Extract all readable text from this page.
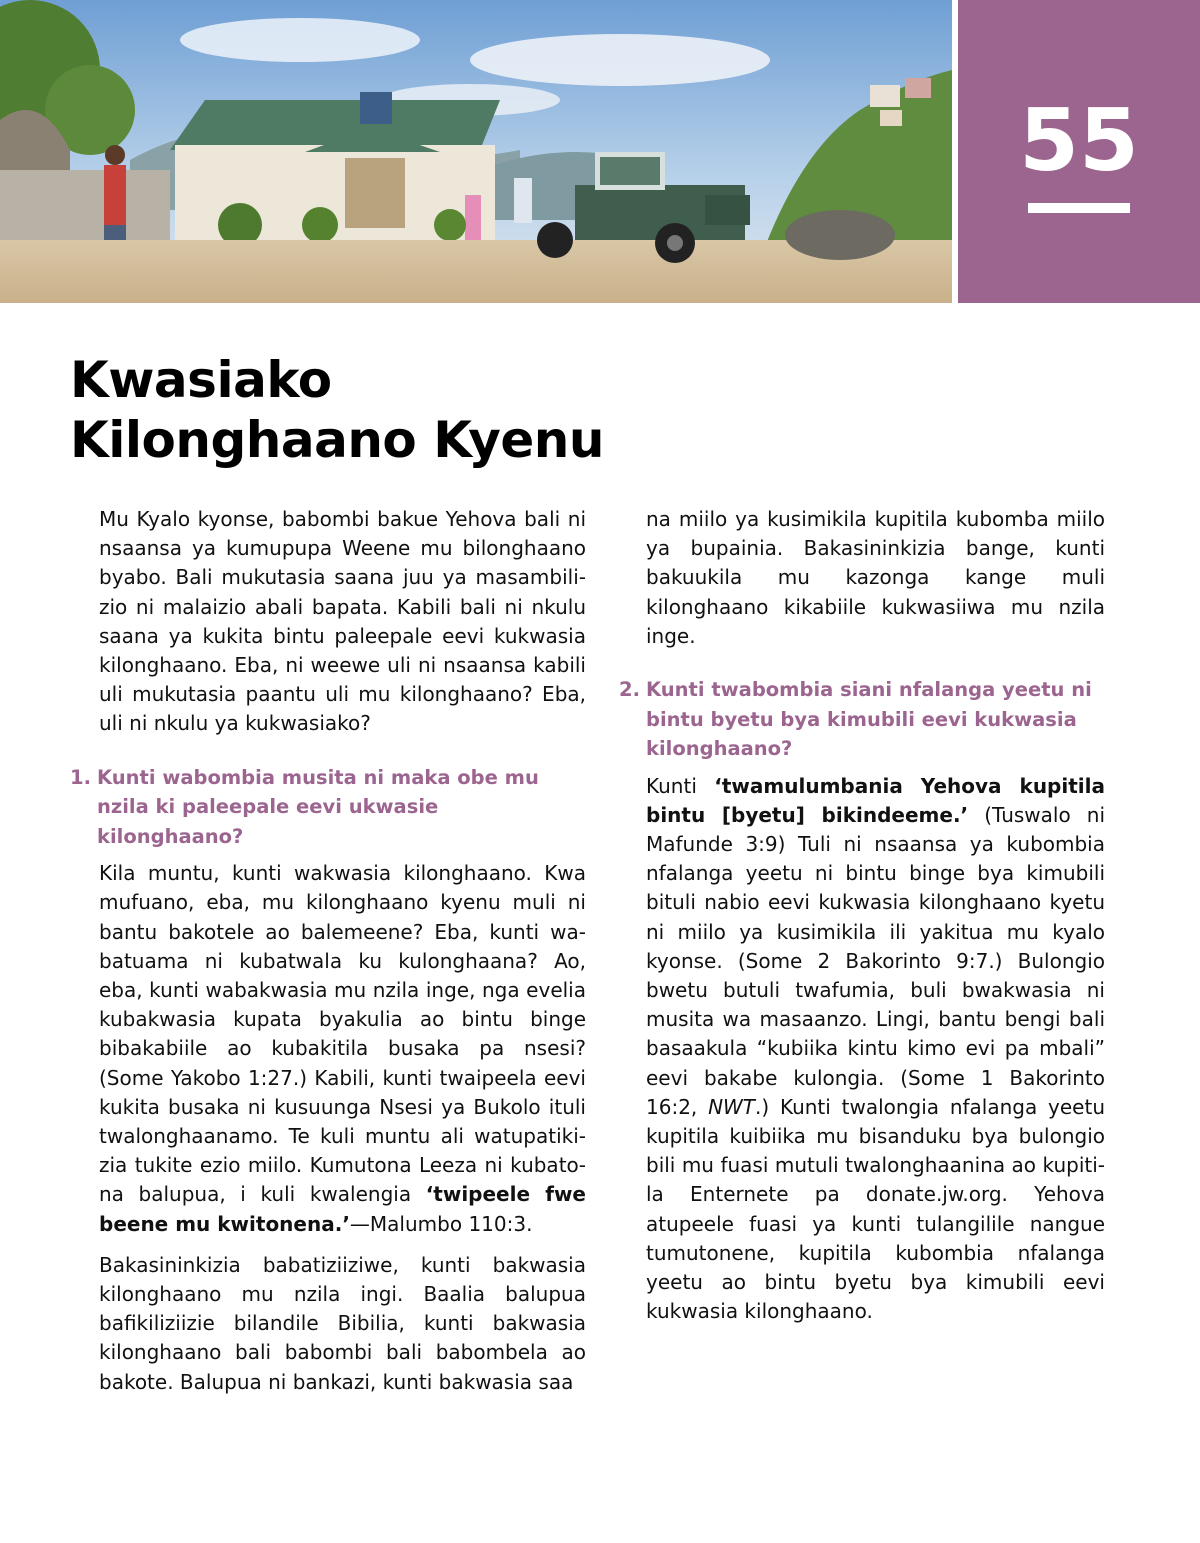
55
Kwasiako
Kilonghaano Kyenu

Mu Kyalo kyonse, babombi bakue Yehova bali ni nsaansa ya kumupupa Weene mu bilonghaano byabo. Bali mukutasia saana juu ya masambilizio ni malaizio abali bapata. Kabili bali ni nkulu saana ya kukita bintu paleepale eevi kukwasia kilonghaano. Eba, ni weewe uli ni nsaansa kabili uli mukutasia paantu uli mu kilonghaano? Eba, uli ni nkulu ya kukwasiako?

1. Kunti wabombia musita ni maka obe mu nzila ki paleepale eevi ukwasie kilonghaano?

Kila muntu, kunti wakwasia kilonghaano. Kwa mufuano, eba, mu kilonghaano kyenu muli ni bantu bakotele ao balemeene? Eba, kunti wabatuama ni kubatwala ku kulonghaana? Ao, eba, kunti wabakwasia mu nzila inge, nga evelia kubakwasia kupata byakulia ao bintu binge bibakabiile ao kubakitila busaka pa nsesi? (Some Yakobo 1:27.) Kabili, kunti twaipeela eevi kukita busaka ni kusuunga Nsesi ya Bukolo ituli twalonghaanamo. Te kuli muntu ali watupatikizia tukite ezio miilo. Kumutona Leeza ni kubatona balupua, i kuli kwalengia ‘twipeele fwe beene mu kwitonena.’—Malumbo 110:3.

Bakasininkizia babatiziiziwe, kunti bakwasia kilonghaano mu nzila ingi. Baalia balupua bafikiliziizie bilandile Bibilia, kunti bakwasia kilonghaano bali babombi bali babombela ao bakote. Balupua ni bankazi, kunti bakwasia saa

na miilo ya kusimikila kupitila kubomba miilo ya bupainia. Bakasininkizia bange, kunti bakuukila mu kazonga kange muli kilonghaano kikabiile kukwasiiwa mu nzila inge.

2. Kunti twabombia siani nfalanga yeetu ni bintu byetu bya kimubili eevi kukwasia kilonghaano?

Kunti ‘twamulumbania Yehova kupitila bintu [byetu] bikindeeme.’ (Tuswalo ni Mafunde 3:9) Tuli ni nsaansa ya kubombia nfalanga yeetu ni bintu binge bya kimubili bituli nabio eevi kukwasia kilonghaano kyetu ni miilo ya kusimikila ili yakitua mu kyalo kyonse. (Some 2 Bakorinto 9:7.) Bulongio bwetu butuli twafumia, buli bwakwasia ni musita wa masaanzo. Lingi, bantu bengi bali basaakula “kubiika kintu kimo evi pa mbali” eevi bakabe kulongia. (Some 1 Bakorinto 16:2, NWT.) Kunti twalongia nfalanga yeetu kupitila kuibiika mu bisanduku bya bulongio bili mu fuasi mutuli twalonghaanina ao kupitila Enternete pa donate.jw.org. Yehova atupeele fuasi ya kunti tulangilile nangue tumutonene, kupitila kubombia nfalanga yeetu ao bintu byetu bya kimubili eevi kukwasia kilonghaano.
